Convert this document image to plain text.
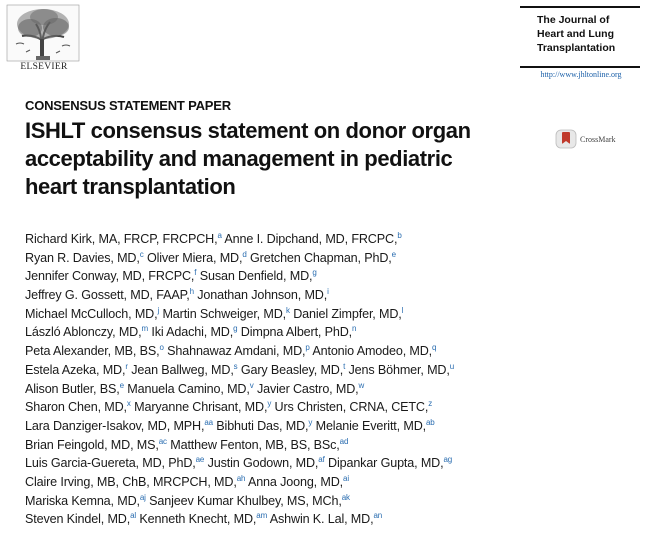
ELSEVIER

The Journal of
Heart and Lung
Transplantation

http://www.jhltonline.org
CONSENSUS STATEMENT PAPER
ISHLT consensus statement on donor organ
acceptability and management in pediatric
heart transplantation
CrossMark
Richard Kirk, MA, FRCP, FRCPCH,$^a$ Anne I. Dipchand, MD, FRCPC,$^b$
Ryan R. Davies, MD,$^c$ Oliver Miera, MD,$^d$ Gretchen Chapman, PhD,$^e$
Jennifer Conway, MD, FRCPC,$^f$ Susan Denfield, MD,$^g$
Jeffrey G. Gossett, MD, FAAP,$^h$ Jonathan Johnson, MD,$^i$
Michael McCulloch, MD,$^j$ Martin Schweiger, MD,$^k$ Daniel Zimpfer, MD,$^l$
László Ablonczy, MD,$^m$ Iki Adachi, MD,$^g$ Dimpna Albert, PhD,$^n$
Peta Alexander, MB, BS,$^o$ Shahnawaz Amdani, MD,$^p$ Antonio Amodeo, MD,$^q$
Estela Azeka, MD,$^r$ Jean Ballweg, MD,$^s$ Gary Beasley, MD,$^t$ Jens Böhmer, MD,$^u$
Alison Butler, BS,$^e$ Manuela Camino, MD,$^v$ Javier Castro, MD,$^w$
Sharon Chen, MD,$^x$ Maryanne Chrisant, MD,$^y$ Urs Christen, CRNA, CETC,$^z$
Lara Danziger-Isakov, MD, MPH,$^{aa}$ Bibhuti Das, MD,$^y$ Melanie Everitt, MD,$^{ab}$
Brian Feingold, MD, MS,$^{ac}$ Matthew Fenton, MB, BS, BSc,$^{ad}$
Luis Garcia-Guereta, MD, PhD,$^{ae}$ Justin Godown, MD,$^{af}$ Dipankar Gupta, MD,$^{ag}$
Claire Irving, MB, ChB, MRCPCH, MD,$^{ah}$ Anna Joong, MD,$^{ai}$
Mariska Kemna, MD,$^{aj}$ Sanjeev Kumar Khulbey, MS, MCh,$^{ak}$
Steven Kindel, MD,$^{al}$ Kenneth Knecht, MD,$^{am}$ Ashwin K. Lal, MD,$^{an}$
